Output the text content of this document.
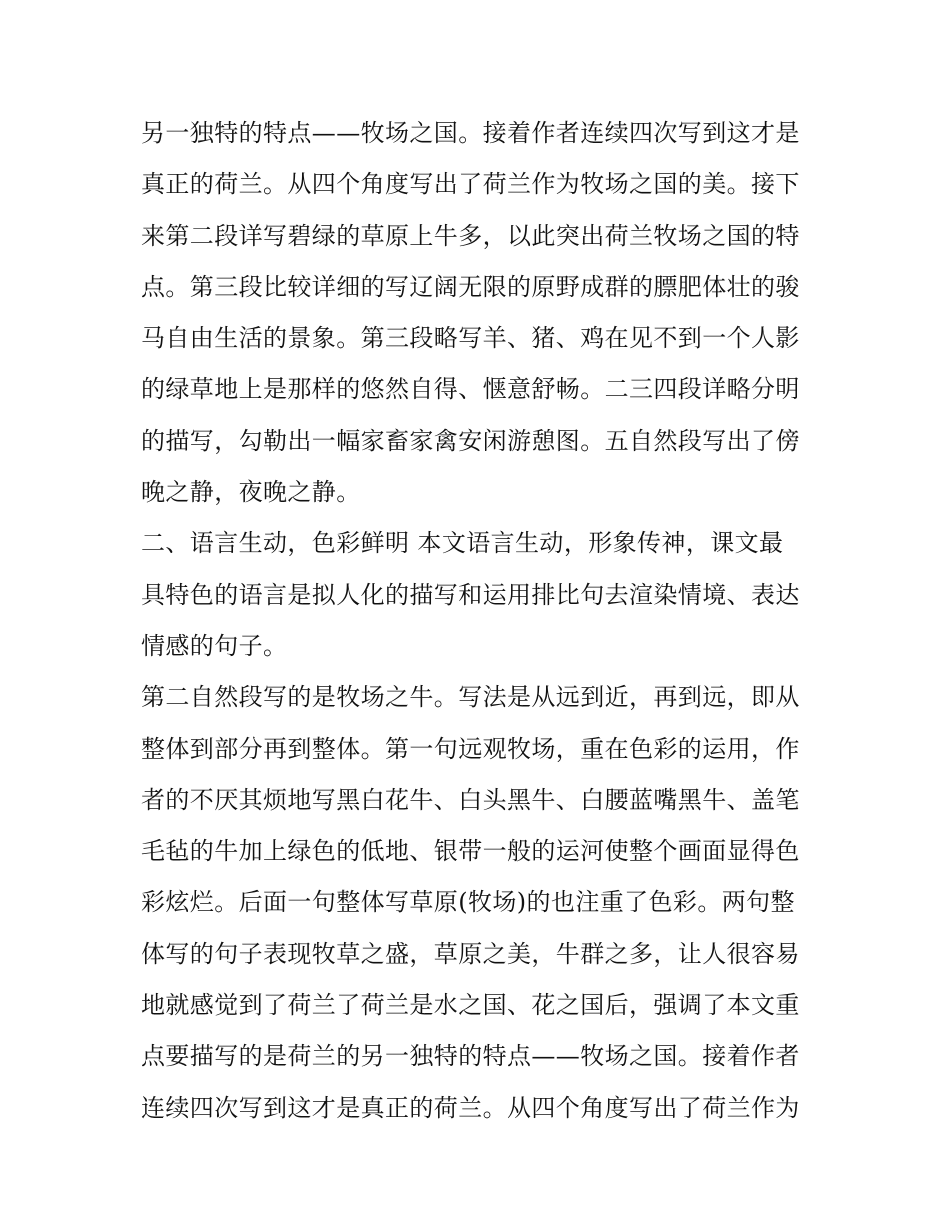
另一独特的特点——牧场之国。接着作者连续四次写到这才是
真正的荷兰。从四个角度写出了荷兰作为牧场之国的美。接下
来第二段详写碧绿的草原上牛多，以此突出荷兰牧场之国的特
点。第三段比较详细的写辽阔无限的原野成群的膘肥体壮的骏
马自由生活的景象。第三段略写羊、猪、鸡在见不到一个人影
的绿草地上是那样的悠然自得、惬意舒畅。二三四段详略分明
的描写，勾勒出一幅家畜家禽安闲游憩图。五自然段写出了傍
晚之静，夜晚之静。
二、语言生动，色彩鲜明 本文语言生动，形象传神，课文最
具特色的语言是拟人化的描写和运用排比句去渲染情境、表达
情感的句子。
第二自然段写的是牧场之牛。写法是从远到近，再到远，即从
整体到部分再到整体。第一句远观牧场，重在色彩的运用，作
者的不厌其烦地写黑白花牛、白头黑牛、白腰蓝嘴黑牛、盖笔
毛毡的牛加上绿色的低地、银带一般的运河使整个画面显得色
彩炫烂。后面一句整体写草原(牧场)的也注重了色彩。两句整
体写的句子表现牧草之盛，草原之美，牛群之多，让人很容易
地就感觉到了荷兰了荷兰是水之国、花之国后，强调了本文重
点要描写的是荷兰的另一独特的特点——牧场之国。接着作者
连续四次写到这才是真正的荷兰。从四个角度写出了荷兰作为
